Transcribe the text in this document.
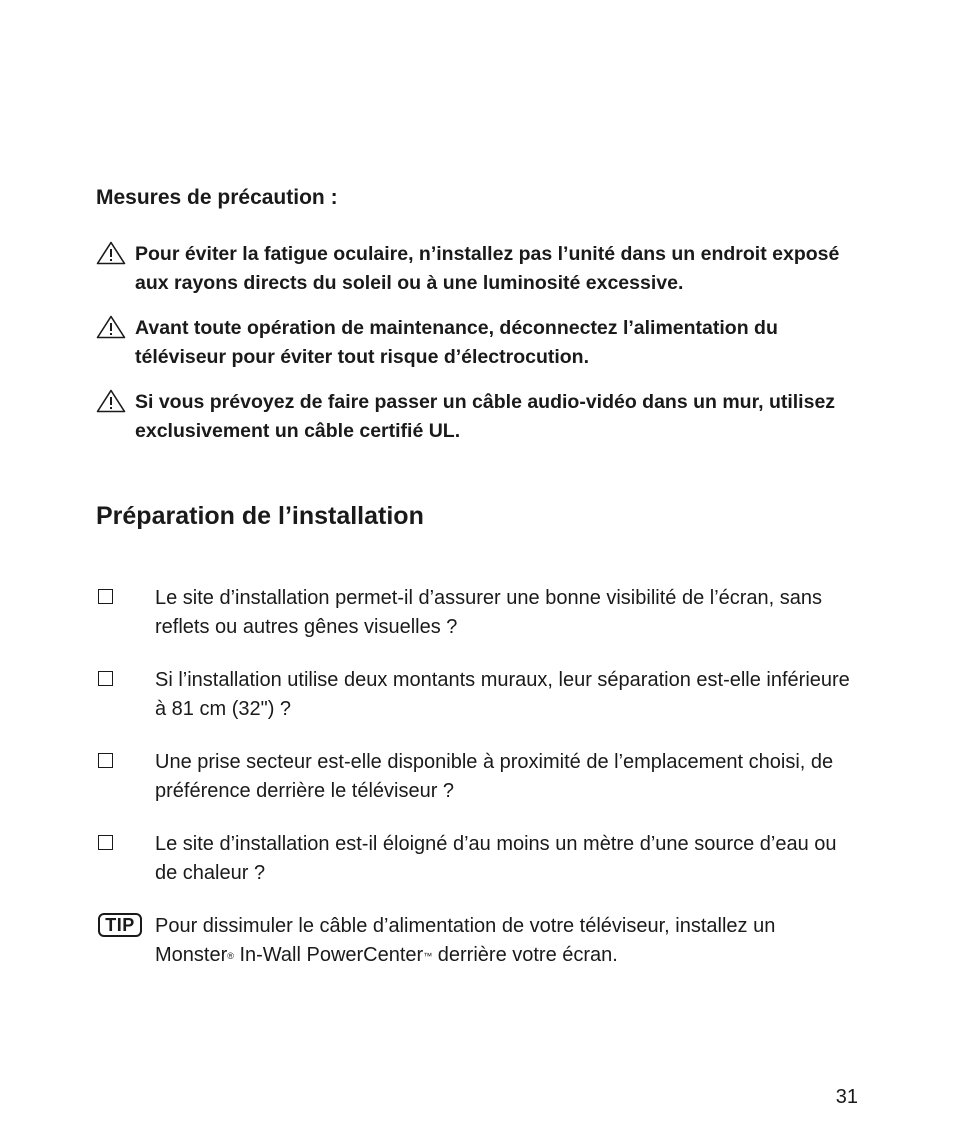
Mesures de précaution :
Pour éviter la fatigue oculaire, n’installez pas l’unité dans un endroit exposé aux rayons directs du soleil ou à une luminosité excessive.
Avant toute opération de maintenance, déconnectez l’alimentation du téléviseur pour éviter tout risque d’électrocution.
Si vous prévoyez de faire passer un câble audio-vidéo dans un mur, utilisez exclusivement un câble certifié UL.
Préparation de l’installation
Le site d’installation permet-il d’assurer une bonne visibilité de l’écran, sans reflets ou autres gênes visuelles ?
Si l’installation utilise deux montants muraux, leur séparation est-elle inférieure à 81 cm (32") ?
Une prise secteur est-elle disponible à proximité de l’emplacement choisi, de préférence derrière le téléviseur ?
Le site d’installation est-il éloigné d’au moins un mètre d’une source d’eau ou de chaleur ?
TIP	Pour dissimuler le câble d’alimentation de votre téléviseur, installez un Monster® In-Wall PowerCenter™ derrière votre écran.
31
